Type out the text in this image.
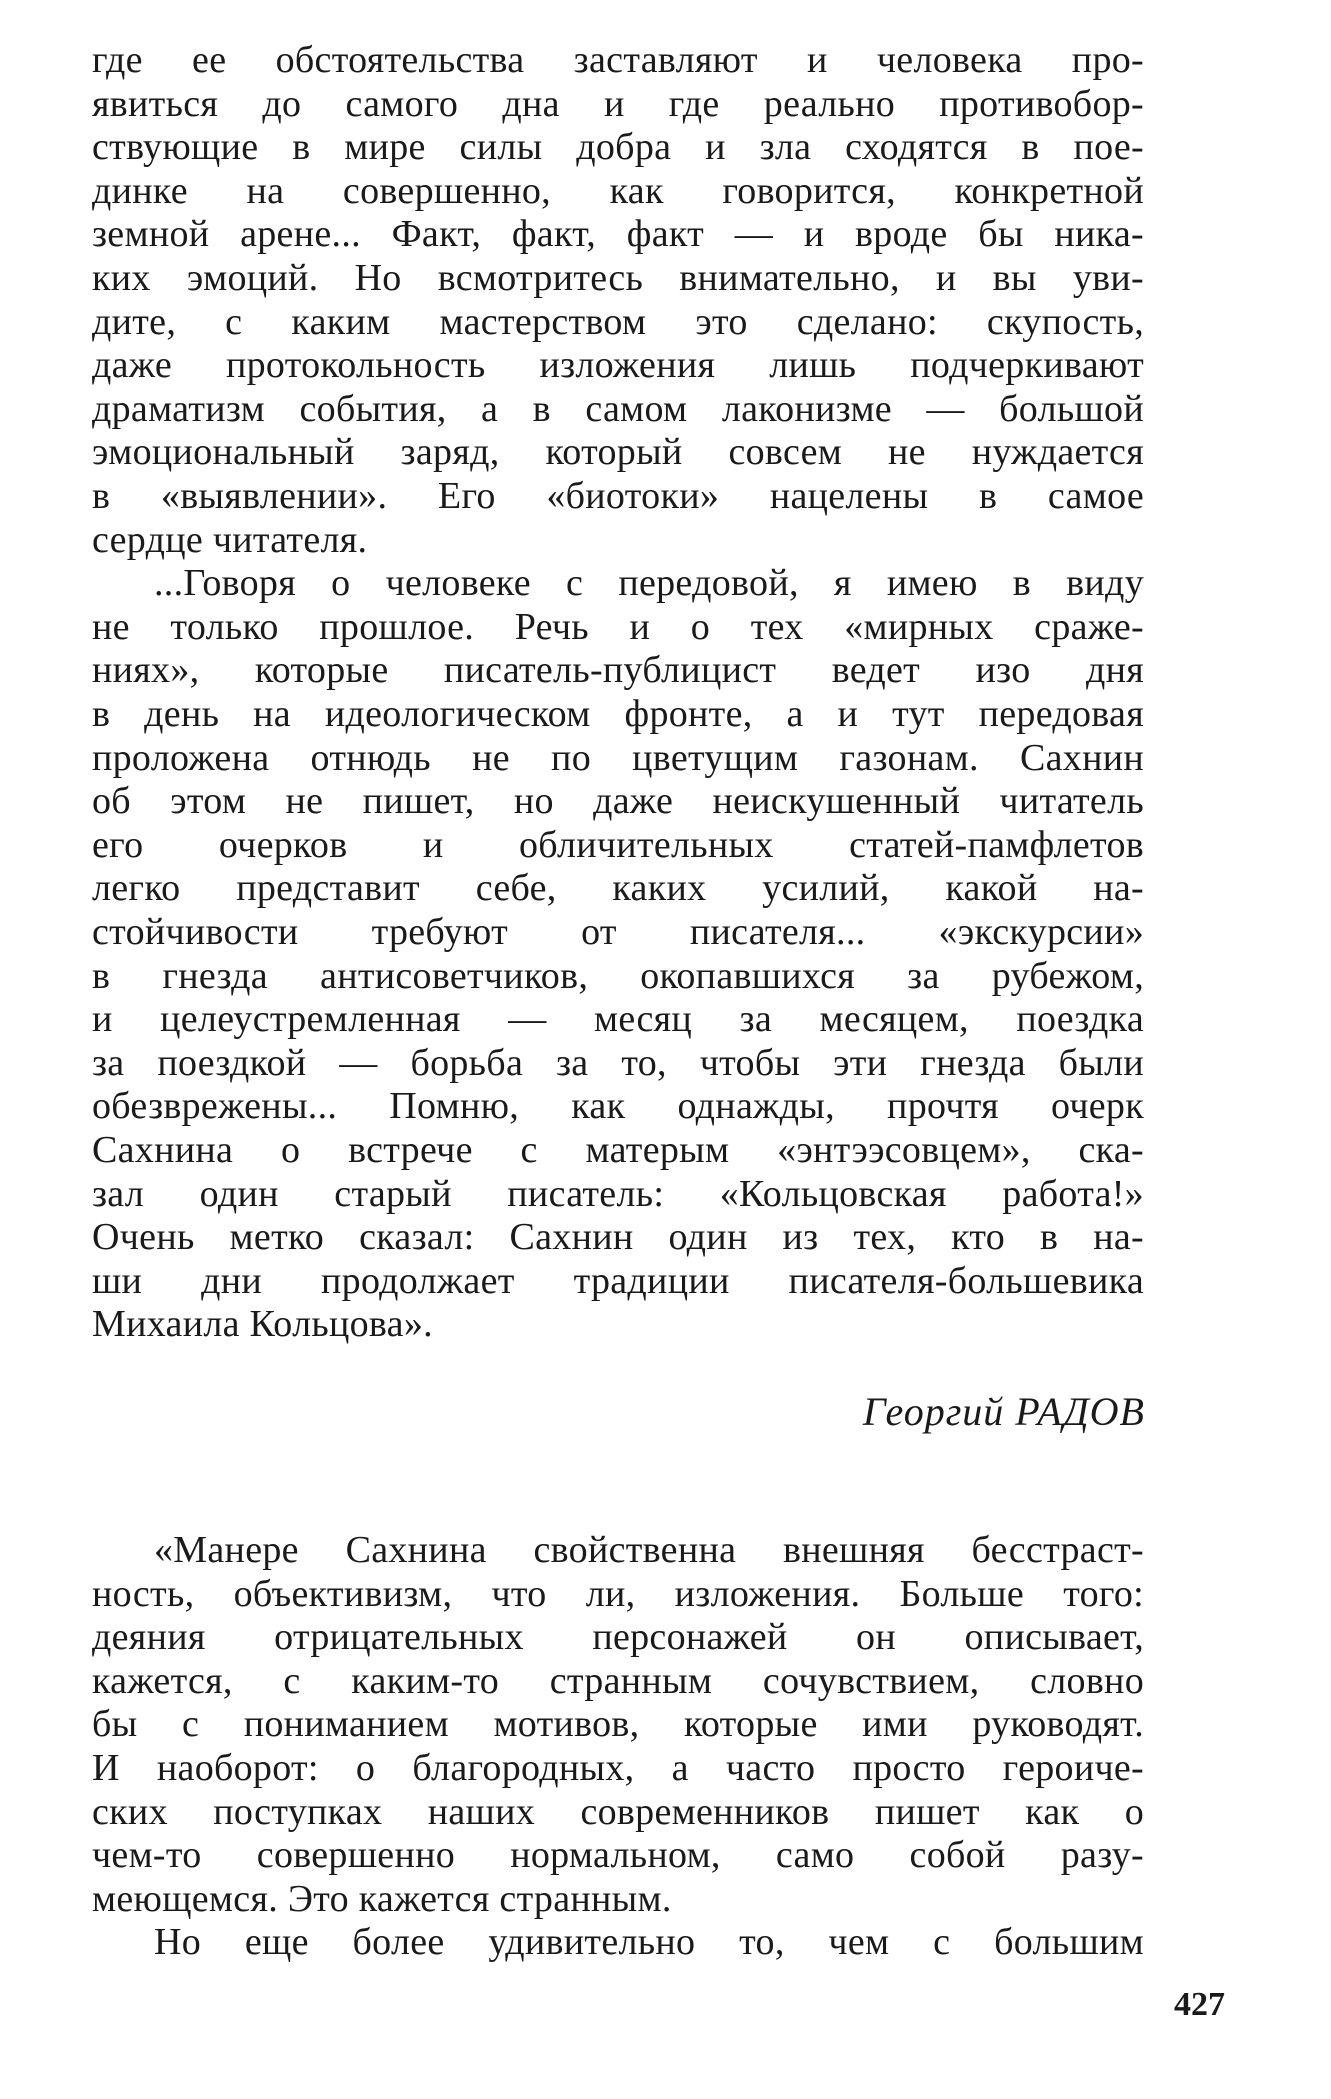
где ее обстоятельства заставляют и человека про-
явиться до самого дна и где реально противобор-
ствующие в мире силы добра и зла сходятся в пое-
динке на совершенно, как говорится, конкретной
земной арене... Факт, факт, факт — и вроде бы ника-
ких эмоций. Но всмотритесь внимательно, и вы уви-
дите, с каким мастерством это сделано: скупость,
даже протокольность изложения лишь подчеркивают
драматизм события, а в самом лаконизме — большой
эмоциональный заряд, который совсем не нуждается
в «выявлении». Его «биотоки» нацелены в самое
сердце читателя.
...Говоря о человеке с передовой, я имею в виду
не только прошлое. Речь и о тех «мирных сраже-
ниях», которые писатель-публицист ведет изо дня
в день на идеологическом фронте, а и тут передовая
проложена отнюдь не по цветущим газонам. Сахнин
об этом не пишет, но даже неискушенный читатель
его очерков и обличительных статей-памфлетов
легко представит себе, каких усилий, какой на-
стойчивости требуют от писателя... «экскурсии»
в гнезда антисоветчиков, окопавшихся за рубежом,
и целеустремленная — месяц за месяцем, поездка
за поездкой — борьба за то, чтобы эти гнезда были
обезврежены... Помню, как однажды, прочтя очерк
Сахнина о встрече с матерым «энтээсовцем», ска-
зал один старый писатель: «Кольцовская работа!»
Очень метко сказал: Сахнин один из тех, кто в на-
ши дни продолжает традиции писателя-большевика
Михаила Кольцова».
Георгий РАДОВ
«Манере Сахнина свойственна внешняя бесстраст-
ность, объективизм, что ли, изложения. Больше того:
деяния отрицательных персонажей он описывает,
кажется, с каким-то странным сочувствием, словно
бы с пониманием мотивов, которые ими руководят.
И наоборот: о благородных, а часто просто героиче-
ских поступках наших современников пишет как о
чем-то совершенно нормальном, само собой разу-
меющемся. Это кажется странным.
Но еще более удивительно то, чем с большим
427
